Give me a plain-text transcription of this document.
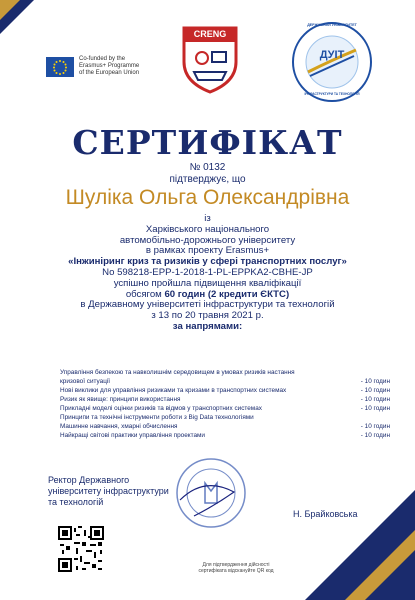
Co-funded by the
Erasmus+ Programme
of the European Union
CRENG
ДУІТ
ДЕРЖАВНИЙ УНІВЕРСИТЕТ
ІНФРАСТРУКТУРИ ТА ТЕХНОЛОГІЙ
СЕРТИФІКАТ
№ 0132
підтверджує, що
Шуліка Ольга Олександрівна
із
Харківського національного
автомобільно-дорожнього університету
в рамках проекту Erasmus+
«Інжиніринг криз та ризиків у сфері транспортних послуг»
No 598218-EPP-1-2018-1-PL-EPPKA2-CBHE-JP
успішно пройшла підвищення кваліфікації
обсягом 60 годин (2 кредити ЄКТС)
в Державному університеті інфраструктури та технологій
з 13 по 20 травня 2021 р.
за напрямами:
Управління безпекою та навколишнім середовищем в умовах ризиків настання кризової ситуації	- 10 годин
Нові виклики для управління ризиками та кризами в транспортних системах	- 10 годин
Ризик як явище: принципи використання	- 10 годин
Прикладні моделі оцінки ризиків та відмов у транспортних системах	- 10 годин
Принципи та технічні інструменти роботи з Big Data технологіями
Машинне навчання, хмарні обчислення	- 10 годин
Найкращі світові практики управління проектами	- 10 годин
Ректор Державного
університету інфраструктури
та технологій
Н. Брайковська
Для підтвердження дійсності
сертифіката відскануйте QR код
